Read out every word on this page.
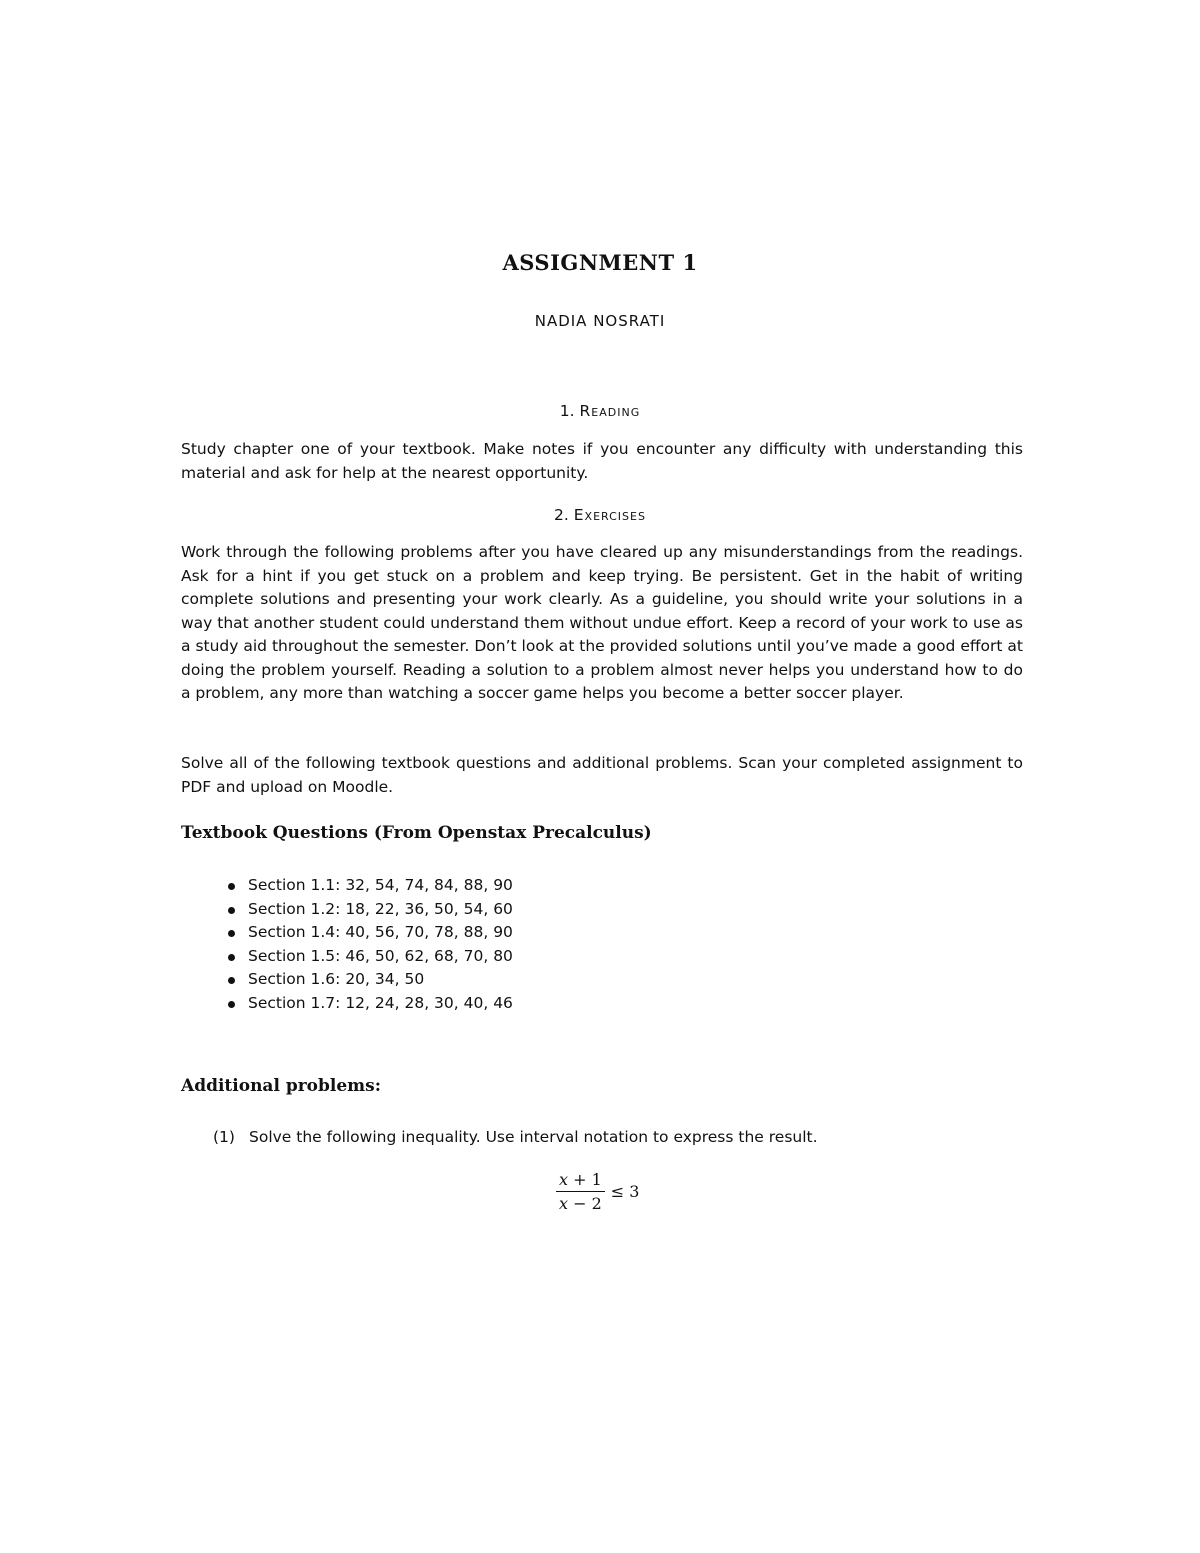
ASSIGNMENT 1
NADIA NOSRATI
1. Reading

Study chapter one of your textbook. Make notes if you encounter any difficulty with understanding this material and ask for help at the nearest opportunity.

2. Exercises

Work through the following problems after you have cleared up any misunderstandings from the readings. Ask for a hint if you get stuck on a problem and keep trying. Be persistent. Get in the habit of writing complete solutions and presenting your work clearly. As a guideline, you should write your solutions in a way that another student could understand them without undue effort. Keep a record of your work to use as a study aid throughout the semester. Don’t look at the provided solutions until you’ve made a good effort at doing the problem yourself. Reading a solution to a problem almost never helps you understand how to do a problem, any more than watching a soccer game helps you become a better soccer player.

Solve all of the following textbook questions and additional problems. Scan your completed assignment to PDF and upload on Moodle.

Textbook Questions (From Openstax Precalculus)
Section 1.1: 32, 54, 74, 84, 88, 90
Section 1.2: 18, 22, 36, 50, 54, 60
Section 1.4: 40, 56, 70, 78, 88, 90
Section 1.5: 46, 50, 62, 68, 70, 80
Section 1.6: 20, 34, 50
Section 1.7: 12, 24, 28, 30, 40, 46
Additional problems:
(1) Solve the following inequality. Use interval notation to express the result.
$\frac{x + 1}{x - 2} \le 3$
